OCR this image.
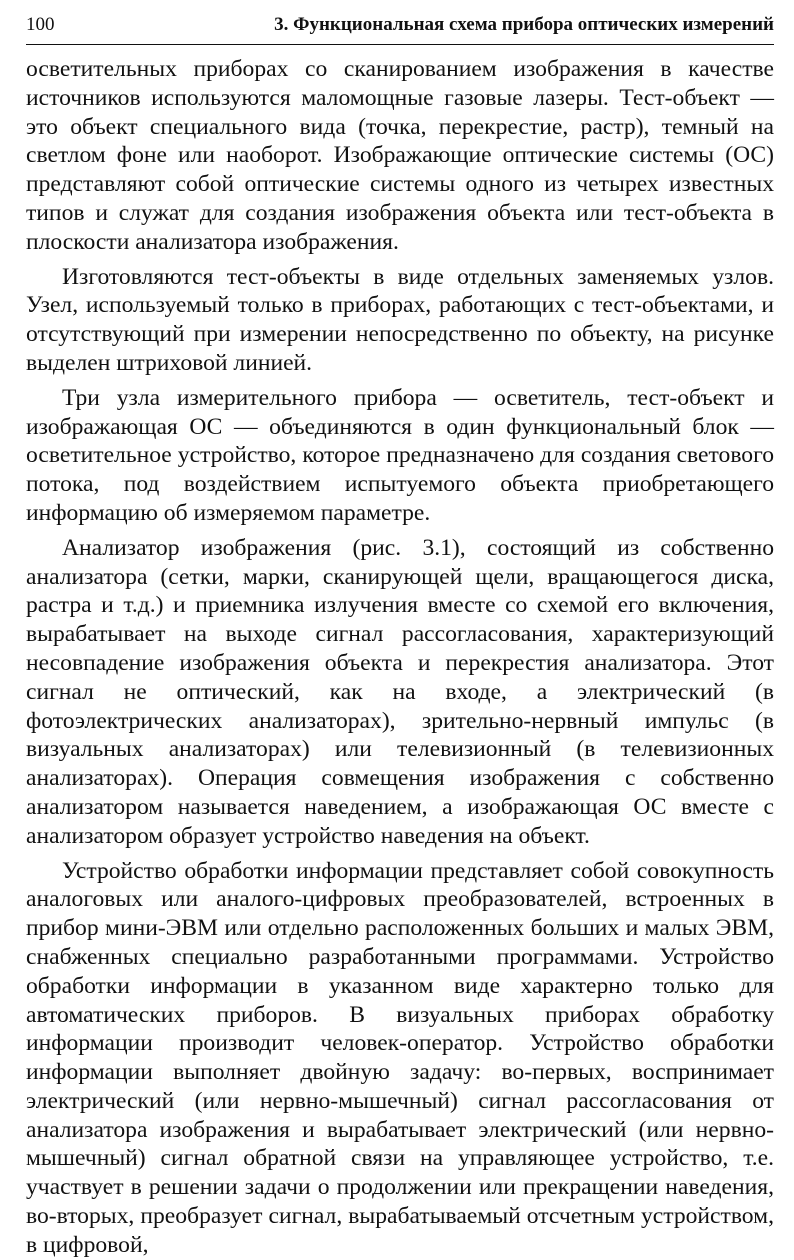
100	3. Функциональная схема прибора оптических измерений

осветительных приборах со сканированием изображения в качестве источников используются маломощные газовые лазеры. Тест-объект — это объект специального вида (точка, перекрестие, растр), темный на светлом фоне или наоборот. Изображающие оптические системы (ОС) представляют собой оптические системы одного из четырех известных типов и служат для создания изображения объекта или тест-объекта в плоскости анализатора изображения.

Изготовляются тест-объекты в виде отдельных заменяемых узлов. Узел, используемый только в приборах, работающих с тест-объектами, и отсутствующий при измерении непосредственно по объекту, на рисунке выделен штриховой линией.

Три узла измерительного прибора — осветитель, тест-объект и изображающая ОС — объединяются в один функциональный блок — осветительное устройство, которое предназначено для создания светового потока, под воздействием испытуемого объекта приобретающего информацию об измеряемом параметре.

Анализатор изображения (рис. 3.1), состоящий из собственно анализатора (сетки, марки, сканирующей щели, вращающегося диска, растра и т.д.) и приемника излучения вместе со схемой его включения, вырабатывает на выходе сигнал рассогласования, характеризующий несовпадение изображения объекта и перекрестия анализатора. Этот сигнал не оптический, как на входе, а электрический (в фотоэлектрических анализаторах), зрительно-нервный импульс (в визуальных анализаторах) или телевизионный (в телевизионных анализаторах). Операция совмещения изображения с собственно анализатором называется наведением, а изображающая ОС вместе с анализатором образует устройство наведения на объект.

Устройство обработки информации представляет собой совокупность аналоговых или аналого-цифровых преобразователей, встроенных в прибор мини-ЭВМ или отдельно расположенных больших и малых ЭВМ, снабженных специально разработанными программами. Устройство обработки информации в указанном виде характерно только для автоматических приборов. В визуальных приборах обработку информации производит человек-оператор. Устройство обработки информации выполняет двойную задачу: во-первых, воспринимает электрический (или нервно-мышечный) сигнал рассогласования от анализатора изображения и вырабатывает электрический (или нервно-мышечный) сигнал обратной связи на управляющее устройство, т.е. участвует в решении задачи о продолжении или прекращении наведения, во-вторых, преобразует сигнал, вырабатываемый отсчетным устройством, в цифровой,
